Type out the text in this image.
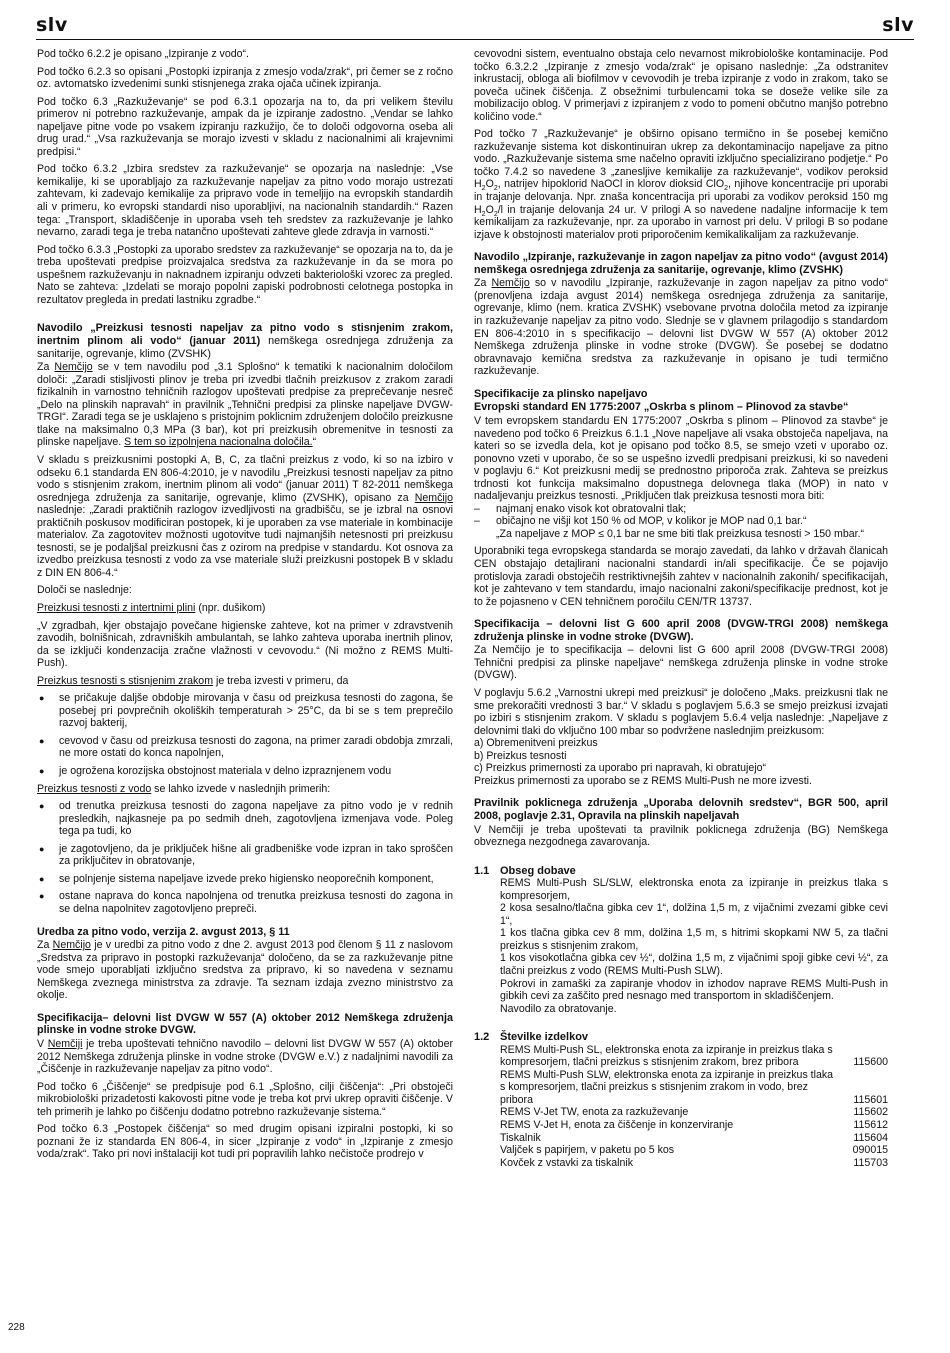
slv	slv

Pod točko 6.2.2 je opisano „Izpiranje z vodo“.

Pod točko 6.2.3 so opisani „Postopki izpiranja z zmesjo voda/zrak“, pri čemer se z ročno oz. avtomatsko izvedenimi sunki stisnjenega zraka ojača učinek izpiranja.

Pod točko 6.3 „Razkuževanje“ se pod 6.3.1 opozarja na to, da pri velikem številu primerov ni potrebno razkuževanje, ampak da je izpiranje zadostno. „Vendar se lahko napeljave pitne vode po vsakem izpiranju razkužijo, če to določi odgovorna oseba ali drug urad.“ „Vsa razkuževanja se morajo izvesti v skladu z nacionalnimi ali krajevnimi predpisi.“

Pod točko 6.3.2 „Izbira sredstev za razkuževanje“ se opozarja na naslednje: „Vse kemikalije, ki se uporabljajo za razkuževanje napeljav za pitno vodo morajo ustrezati zahtevam, ki zadevajo kemikalije za pripravo vode in temeljijo na evropskih standardih ali v primeru, ko evropski standardi niso uporabljivi, na nacionalnih standardih.“ Razen tega: „Transport, skladiščenje in uporaba vseh teh sredstev za razkuževanje je lahko nevarno, zaradi tega je treba natančno upoštevati zahteve glede zdravja in varnosti.“

Pod točko 6.3.3 „Postopki za uporabo sredstev za razkuževanje“ se opozarja na to, da je treba upoštevati predpise proizvajalca sredstva za razkuževanje in da se mora po uspešnem razkuževanju in naknadnem izpiranju odvzeti bakteriološki vzorec za pregled. Nato se zahteva: „Izdelati se morajo popolni zapiski podrobnosti celotnega postopka in rezultatov pregleda in predati lastniku zgradbe.“

Navodilo „Preizkusi tesnosti napeljav za pitno vodo s stisnjenim zrakom, inertnim plinom ali vodo“ (januar 2011) nemškega osrednjega združenja za sanitarije, ogrevanje, klimo (ZVSHK)

Za Nemčijo se v tem navodilu pod „3.1 Splošno“ k tematiki k nacionalnim določilom določi: „Zaradi stisljivosti plinov je treba pri izvedbi tlačnih preizkusov z zrakom zaradi fizikalnih in varnostno tehničnih razlogov upoštevati predpise za preprečevanje nesreč „Delo na plinskih napravah“ in pravilnik „Tehnični predpisi za plinske napeljave DVGW-TRGI“. Zaradi tega se je usklajeno s pristojnim poklicnim združenjem določilo preizkusne tlake na maksimalno 0,3 MPa (3 bar), kot pri preizkusih obremenitve in tesnosti za plinske napeljave. S tem so izpolnjena nacionalna določila.“

V skladu s preizkusnimi postopki A, B, C, za tlačni preizkus z vodo, ki so na izbiro v odseku 6.1 standarda EN 806-4:2010, je v navodilu „Preizkusi tesnosti napeljav za pitno vodo s stisnjenim zrakom, inertnim plinom ali vodo“ (januar 2011) T 82-2011 nemškega osrednjega združenja za sanitarije, ogrevanje, klimo (ZVSHK), opisano za Nemčijo naslednje: „Zaradi praktičnih razlogov izvedljivosti na gradbišču, se je izbral na osnovi praktičnih poskusov modificiran postopek, ki je uporaben za vse materiale in kombinacije materialov. Za zagotovitev možnosti ugotovitve tudi najmanjših netesnosti pri preizkusu tesnosti, se je podaljšal preizkusni čas z ozirom na predpise v standardu. Kot osnova za izvedbo preizkusa tesnosti z vodo za vse materiale služi preizkusni postopek B v skladu z DIN EN 806-4.“

Določi se naslednje:

Preizkusi tesnosti z intertnimi plini (npr. dušikom)

„V zgradbah, kjer obstajajo povečane higienske zahteve, kot na primer v zdravstvenih zavodih, bolnišnicah, zdravniških ambulantah, se lahko zahteva uporaba inertnih plinov, da se izključi kondenzacija zračne vlažnosti v cevovodu.“ (Ni možno z REMS Multi-Push).

Preizkus tesnosti s stisnjenim zrakom je treba izvesti v primeru, da

● se pričakuje daljše obdobje mirovanja v času od preizkusa tesnosti do zagona, še posebej pri povprečnih okoliških temperaturah > 25°C, da bi se s tem preprečilo razvoj bakterij,
● cevovod v času od preizkusa tesnosti do zagona, na primer zaradi obdobja zmrzali, ne more ostati do konca napolnjen,
● je ogrožena korozijska obstojnost materiala v delno izpraznjenem vodu

Preizkus tesnosti z vodo se lahko izvede v naslednjih primerih:

● od trenutka preizkusa tesnosti do zagona napeljave za pitno vodo je v rednih presledkih, najkasneje pa po sedmih dneh, zagotovljena izmenjava vode. Poleg tega pa tudi, ko
● je zagotovljeno, da je priključek hišne ali gradbeniške vode izpran in tako sproščen za priključitev in obratovanje,
● se polnjenje sistema napeljave izvede preko higiensko neoporečnih komponent,
● ostane naprava do konca napolnjena od trenutka preizkusa tesnosti do zagona in se delna napolnitev zagotovljeno prepreči.
Uredba za pitno vodo, verzija 2. avgust 2013, § 11

Za Nemčijo je v uredbi za pitno vodo z dne 2. avgust 2013 pod členom § 11 z naslovom „Sredstva za pripravo in postopki razkuževanja“ določeno, da se za razkuževanje pitne vode smejo uporabljati izključno sredstva za pripravo, ki so navedena v seznamu Nemškega zveznega ministrstva za zdravje. Ta seznam izdaja zvezno ministrstvo za okolje.

Specifikacija– delovni list DVGW W 557 (A) oktober 2012 Nemškega združenja plinske in vodne stroke DVGW.

V Nemčiji je treba upoštevati tehnično navodilo – delovni list DVGW W 557 (A) oktober 2012 Nemškega združenja plinske in vodne stroke (DVGW e.V.) z nadaljnimi navodili za „Čiščenje in razkuževanje napeljav za pitno vodo“.

Pod točko 6 „Čiščenje“ se predpisuje pod 6.1 „Splošno, cilji čiščenja“: „Pri obstoječi mikrobiološki prizadetosti kakovosti pitne vode je treba kot prvi ukrep opraviti čiščenje. V teh primerih je lahko po čiščenju dodatno potrebno razkuževanje sistema.“

Pod točko 6.3 „Postopek čiščenja“ so med drugim opisani izpiralni postopki, ki so poznani že iz standarda EN 806-4, in sicer „Izpiranje z vodo“ in „Izpiranje z zmesjo voda/zrak“. Tako pri novi inštalaciji kot tudi pri popravilih lahko nečistoče prodrejo v

cevovodni sistem, eventualno obstaja celo nevarnost mikrobiološke kontaminacije. Pod točko 6.3.2.2 „Izpiranje z zmesjo voda/zrak“ je opisano naslednje: „Za odstranitev inkrustacij, obloga ali biofilmov v cevovodih je treba izpiranje z vodo in zrakom, tako se poveča učinek čiščenja. Z obsežnimi turbulencami toka se doseže velike sile za mobilizacijo oblog. V primerjavi z izpiranjem z vodo to pomeni občutno manjšo potrebno količino vode.“

Pod točko 7 „Razkuževanje“ je obširno opisano termično in še posebej kemično razkuževanje sistema kot diskontinuiran ukrep za dekontaminacijo napeljave za pitno vodo. „Razkuževanje sistema sme načelno opraviti izključno specializirano podjetje.“ Po točko 7.4.2 so navedene 3 „zanesljive kemikalije za razkuževanje“, vodikov peroksid $H_2O_2$, natrijev hipoklorid NaOCl in klorov dioksid ClO$_2$, njihove koncentracije pri uporabi in trajanje delovanja. Npr. znaša koncentracija pri uporabi za vodikov peroksid 150 mg $H_2O_2/l$ in trajanje delovanja 24 ur. V prilogi A so navedene nadaljne informacije k tem kemikalijam za razkuževanje, npr. za uporabo in varnost pri delu. V prilogi B so podane izjave k obstojnosti materialov proti priporočenim kemikalikalijam za razkuževanje.

Navodilo „Izpiranje, razkuževanje in zagon napeljav za pitno vodo“ (avgust 2014) nemškega osrednjega združenja za sanitarije, ogrevanje, klimo (ZVSHK)

Za Nemčijo so v navodilu „Izpiranje, razkuževanje in zagon napeljav za pitno vodo“ (prenovljena izdaja avgust 2014) nemškega osrednjega združenja za sanitarije, ogrevanje, klimo (nem. kratica ZVSHK) vsebovane prvotna določila metod za izpiranje in razkuževanje napeljav za pitno vodo. Slednje se v glavnem prilagodijo s standardom EN 806-4:2010 in s specifikacijo – delovni list DVGW W 557 (A) oktober 2012 Nemškega združenja plinske in vodne stroke (DVGW). Še posebej se dodatno obravnavajo kemična sredstva za razkuževanje in opisano je tudi termično razkuževanje.

Specifikacije za plinsko napeljavo
Evropski standard EN 1775:2007 „Oskrba s plinom – Plinovod za stavbe“

V tem evropskem standardu EN 1775:2007 „Oskrba s plinom – Plinovod za stavbe“ je navedeno pod točko 6 Preizkus 6.1.1 „Nove napeljave ali vsaka obstoječa napeljava, na kateri so se izvedla dela, kot je opisano pod točko 8.5, se smejo vzeti v uporabo oz. ponovno vzeti v uporabo, če so se uspešno izvedli predpisani preizkusi, ki so navedeni v poglavju 6.“ Kot preizkusni medij se prednostno priporoča zrak. Zahteva se preizkus trdnosti kot funkcija maksimalno dopustnega delovnega tlaka (MOP) in nato v nadaljevanju preizkus tesnosti. „Priključen tlak preizkusa tesnosti mora biti:

– najmanj enako visok kot obratovalni tlak;
– običajno ne višji kot 150 % od MOP, v kolikor je MOP nad 0,1 bar.“

„Za napeljave z MOP ≤ 0,1 bar ne sme biti tlak preizkusa tesnosti > 150 mbar.“

Uporabniki tega evropskega standarda se morajo zavedati, da lahko v državah članicah CEN obstajajo detajlirani nacionalni standardi in/ali specifikacije. Če se pojavijo protislovja zaradi obstoječih restriktivnejših zahtev v nacionalnih zakonih/ specifikacijah, kot je zahtevano v tem standardu, imajo nacionalni zakoni/specifikacije prednost, kot je to že pojasneno v CEN tehničnem poročilu CEN/TR 13737.

Specifikacija – delovni list G 600 april 2008 (DVGW-TRGI 2008) nemškega združenja plinske in vodne stroke (DVGW).

Za Nemčijo je to specifikacija – delovni list G 600 april 2008 (DVGW-TRGI 2008) Tehnični predpisi za plinske napeljave“ nemškega združenja plinske in vodne stroke (DVGW).

V poglavju 5.6.2 „Varnostni ukrepi med preizkusi“ je določeno „Maks. preizkusni tlak ne sme prekoračiti vrednosti 3 bar.“ V skladu s poglavjem 5.6.3 se smejo preizkusi izvajati po izbiri s stisnjenim zrakom. V skladu s poglavjem 5.6.4 velja naslednje: „Napeljave z delovnimi tlaki do vključno 100 mbar so podvržene naslednjim preizkusom:

a) Obremenitveni preizkus
b) Preizkus tesnosti
c) Preizkus primernosti za uporabo pri napravah, ki obratujejo“

Preizkus primernosti za uporabo se z REMS Multi-Push ne more izvesti.

Pravilnik poklicnega združenja „Uporaba delovnih sredstev“, BGR 500, april 2008, poglavje 2.31, Opravila na plinskih napeljavah

V Nemčiji je treba upoštevati ta pravilnik poklicnega združenja (BG) Nemškega obveznega nezgodnega zavarovanja.

1.1 Obseg dobave
REMS Multi-Push SL/SLW, elektronska enota za izpiranje in preizkus tlaka s kompresorjem,
2 kosa sesalno/tlačna gibka cev 1“, dolžina 1,5 m, z vijačnimi zvezami gibke cevi 1“,
1 kos tlačna gibka cev 8 mm, dolžina 1,5 m, s hitrimi skopkami NW 5, za tlačni preizkus s stisnjenim zrakom,
1 kos visokotlačna gibka cev ½“, dolžina 1,5 m, z vijačnimi spoji gibke cevi ½“, za tlačni preizkus z vodo (REMS Multi-Push SLW).
Pokrovi in zamaški za zapiranje vhodov in izhodov naprave REMS Multi-Push in gibkih cevi za zaščito pred nesnago med transportom in skladiščenjem.
Navodilo za obratovanje.
1.2 Številke izdelkov
REMS Multi-Push SL, elektronska enota za izpiranje in preizkus tlaka s kompresorjem, tlačni preizkus s stisnjenim zrakom, brez pribora	115600
REMS Multi-Push SLW, elektronska enota za izpiranje in preizkus tlaka s kompresorjem, tlačni preizkus s stisnjenim zrakom in vodo, brez pribora	115601
REMS V-Jet TW, enota za razkuževanje	115602
REMS V-Jet H, enota za čiščenje in konzerviranje	115612
Tiskalnik	115604
Valjček s papirjem, v paketu po 5 kos	090015
Kovček z vstavki za tiskalnik	115703
228
